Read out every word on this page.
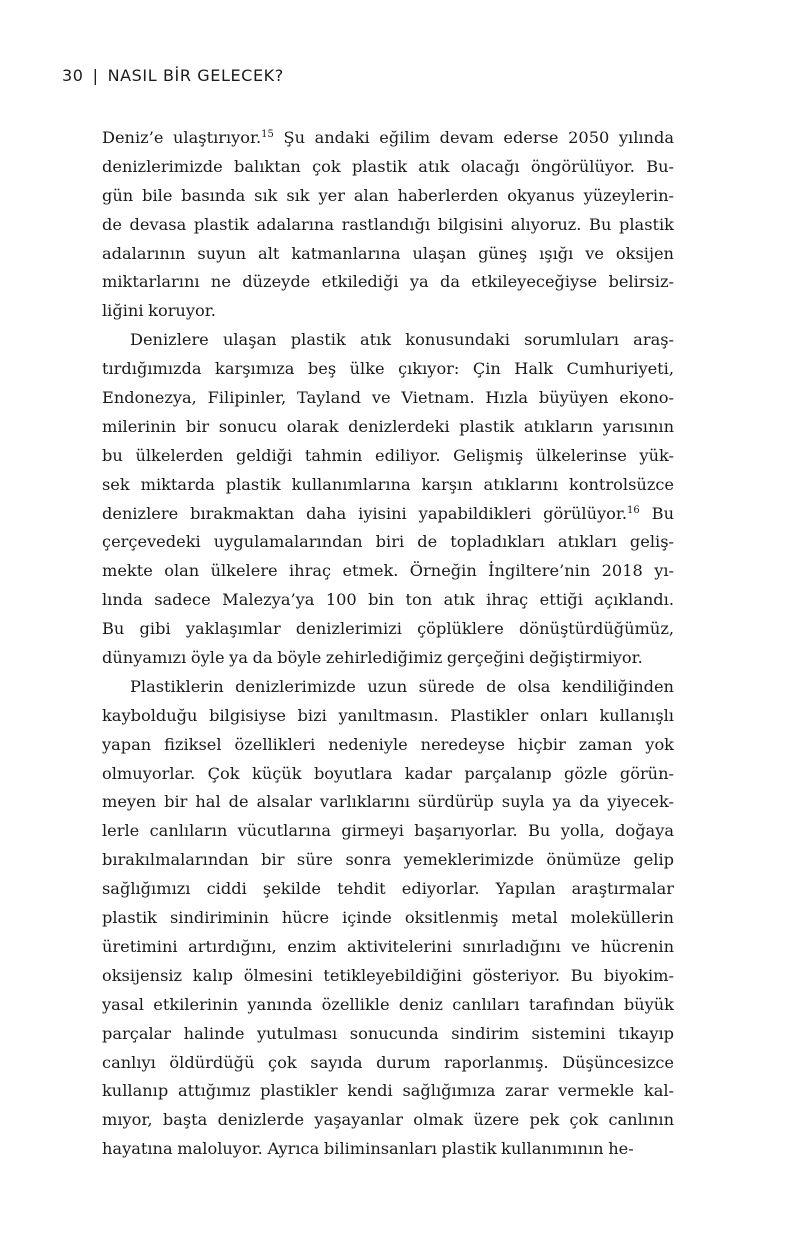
30 | NASIL BİR GELECEK?
Deniz’e ulaştırıyor.$^{15}$ Şu andaki eğilim devam ederse 2050 yılında
denizlerimizde balıktan çok plastik atık olacağı öngörülüyor. Bu-
gün bile basında sık sık yer alan haberlerden okyanus yüzeylerin-
de devasa plastik adalarına rastlandığı bilgisini alıyoruz. Bu plastik
adalarının suyun alt katmanlarına ulaşan güneş ışığı ve oksijen
miktarlarını ne düzeyde etkilediği ya da etkileyeceğiyse belirsiz-
liğini koruyor.
Denizlere ulaşan plastik atık konusundaki sorumluları araş-
tırdığımızda karşımıza beş ülke çıkıyor: Çin Halk Cumhuriyeti,
Endonezya, Filipinler, Tayland ve Vietnam. Hızla büyüyen ekono-
milerinin bir sonucu olarak denizlerdeki plastik atıkların yarısının
bu ülkelerden geldiği tahmin ediliyor. Gelişmiş ülkelerinse yük-
sek miktarda plastik kullanımlarına karşın atıklarını kontrolsüzce
denizlere bırakmaktan daha iyisini yapabildikleri görülüyor.$^{16}$ Bu
çerçevedeki uygulamalarından biri de topladıkları atıkları geliş-
mekte olan ülkelere ihraç etmek. Örneğin İngiltere’nin 2018 yı-
lında sadece Malezya’ya 100 bin ton atık ihraç ettiği açıklandı.
Bu gibi yaklaşımlar denizlerimizi çöplüklere dönüştürdüğümüz,
dünyamızı öyle ya da böyle zehirlediğimiz gerçeğini değiştirmiyor.
Plastiklerin denizlerimizde uzun sürede de olsa kendiliğinden
kaybolduğu bilgisiyse bizi yanıltmasın. Plastikler onları kullanışlı
yapan fiziksel özellikleri nedeniyle neredeyse hiçbir zaman yok
olmuyorlar. Çok küçük boyutlara kadar parçalanıp gözle görün-
meyen bir hal de alsalar varlıklarını sürdürüp suyla ya da yiyecek-
lerle canlıların vücutlarına girmeyi başarıyorlar. Bu yolla, doğaya
bırakılmalarından bir süre sonra yemeklerimizde önümüze gelip
sağlığımızı ciddi şekilde tehdit ediyorlar. Yapılan araştırmalar
plastik sindiriminin hücre içinde oksitlenmiş metal moleküllerin
üretimini artırdığını, enzim aktivitelerini sınırladığını ve hücrenin
oksijensiz kalıp ölmesini tetikleyebildiğini gösteriyor. Bu biyokim-
yasal etkilerinin yanında özellikle deniz canlıları tarafından büyük
parçalar halinde yutulması sonucunda sindirim sistemini tıkayıp
canlıyı öldürdüğü çok sayıda durum raporlanmış. Düşüncesizce
kullanıp attığımız plastikler kendi sağlığımıza zarar vermekle kal-
mıyor, başta denizlerde yaşayanlar olmak üzere pek çok canlının
hayatına maloluyor. Ayrıca biliminsanları plastik kullanımının he-
